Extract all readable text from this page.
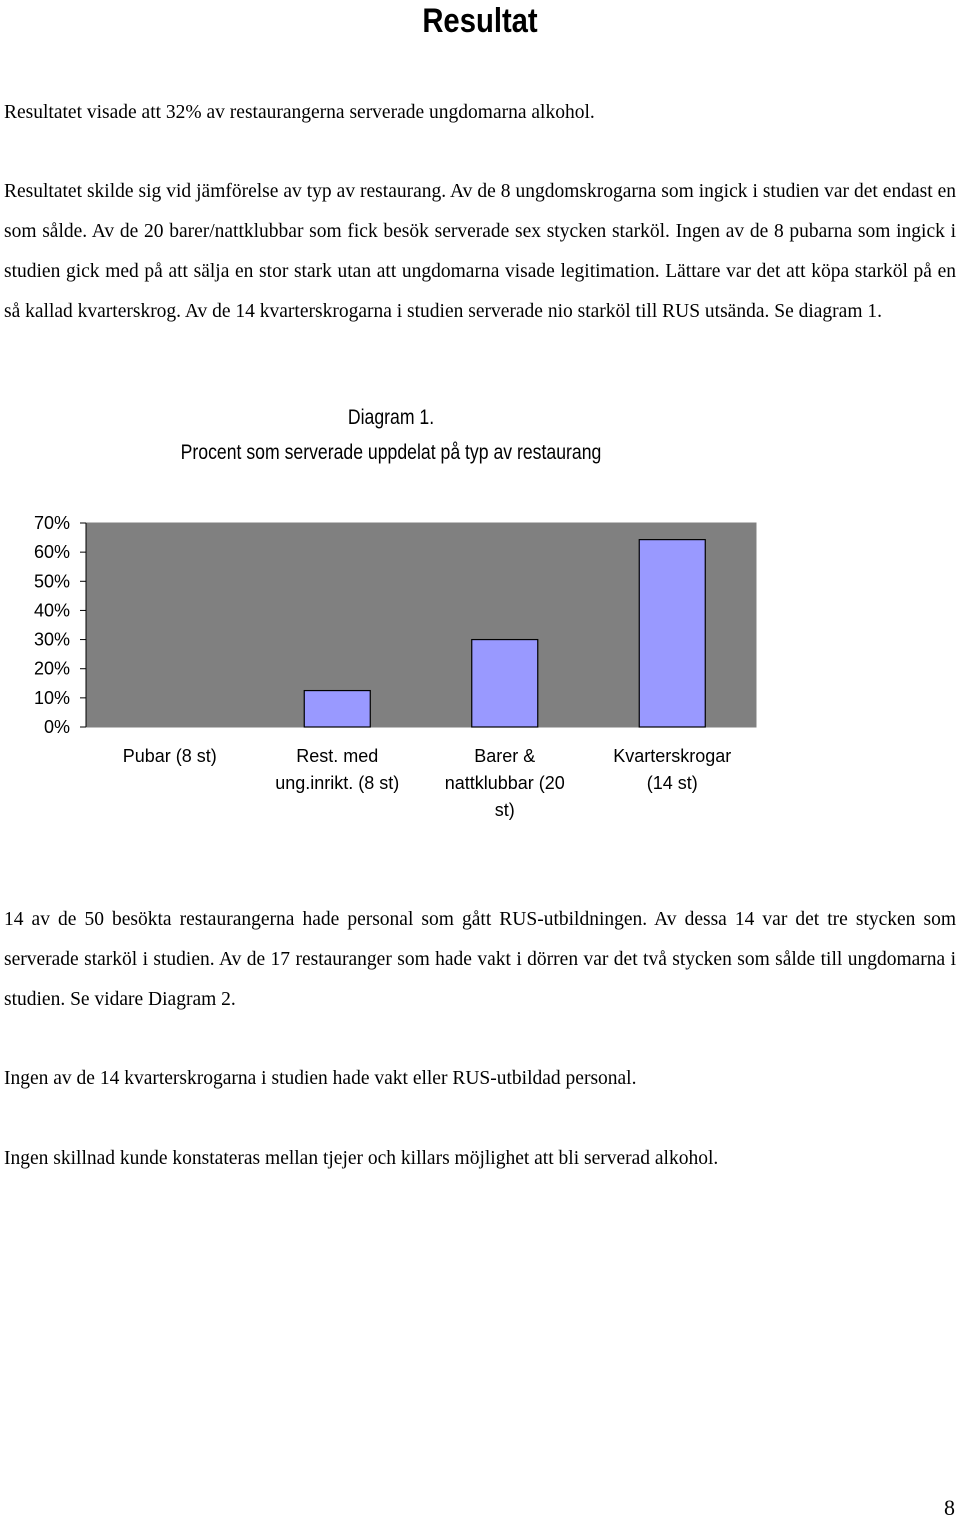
Resultat
Resultatet visade att 32% av restaurangerna serverade ungdomarna alkohol.
Resultatet skilde sig vid jämförelse av typ av restaurang. Av de 8 ungdomskrogarna som ingick i studien var det endast en som sålde. Av de 20 barer/nattklubbar som fick besök serverade sex stycken starköl. Ingen av de 8 pubarna som ingick i studien gick med på att sälja en stor stark utan att ungdomarna visade legitimation. Lättare var det att köpa starköl på en så kallad kvarterskrog. Av de 14 kvarterskrogarna i studien serverade nio starköl till RUS utsända. Se diagram 1.
Diagram 1.
Procent som serverade uppdelat på typ av restaurang
0%
10%
20%
30%
40%
50%
60%
70%
Pubar (8 st)	Rest. med ung.inrikt. (8 st)
Barer & nattklubbar (20 st)
Kvarterskrogar (14 st)
14 av de 50 besökta restaurangerna hade personal som gått RUS-utbildningen. Av dessa 14 var det tre stycken som serverade starköl i studien. Av de 17 restauranger som hade vakt i dörren var det två stycken som sålde till ungdomarna i studien. Se vidare Diagram 2.
Ingen av de 14 kvarterskrogarna i studien hade vakt eller RUS-utbildad personal.
Ingen skillnad kunde konstateras mellan tjejer och killars möjlighet att bli serverad alkohol.
8
